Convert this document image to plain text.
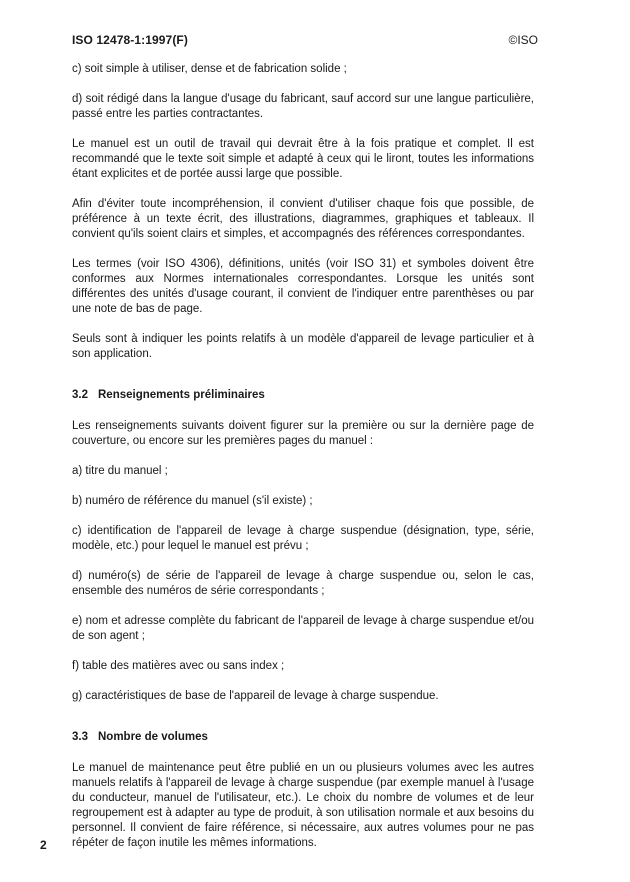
ISO 12478-1:1997(F)	©ISO

c) soit simple à utiliser, dense et de fabrication solide ;

d) soit rédigé dans la langue d'usage du fabricant, sauf accord sur une langue particulière, passé entre les parties contractantes.

Le manuel est un outil de travail qui devrait être à la fois pratique et complet. Il est recommandé que le texte soit simple et adapté à ceux qui le liront, toutes les informations étant explicites et de portée aussi large que possible.

Afin d'éviter toute incompréhension, il convient d'utiliser chaque fois que possible, de préférence à un texte écrit, des illustrations, diagrammes, graphiques et tableaux. Il convient qu'ils soient clairs et simples, et accompagnés des références correspondantes.

Les termes (voir ISO 4306), définitions, unités (voir ISO 31) et symboles doivent être conformes aux Normes internationales correspondantes. Lorsque les unités sont différentes des unités d'usage courant, il convient de l'indiquer entre parenthèses ou par une note de bas de page.

Seuls sont à indiquer les points relatifs à un modèle d'appareil de levage particulier et à son application.

3.2 Renseignements préliminaires

Les renseignements suivants doivent figurer sur la première ou sur la dernière page de couverture, ou encore sur les premières pages du manuel :

a) titre du manuel ;

b) numéro de référence du manuel (s'il existe) ;

c) identification de l'appareil de levage à charge suspendue (désignation, type, série, modèle, etc.) pour lequel le manuel est prévu ;

d) numéro(s) de série de l'appareil de levage à charge suspendue ou, selon le cas, ensemble des numéros de série correspondants ;

e) nom et adresse complète du fabricant de l'appareil de levage à charge suspendue et/ou de son agent ;

f) table des matières avec ou sans index ;

g) caractéristiques de base de l'appareil de levage à charge suspendue.

3.3 Nombre de volumes

Le manuel de maintenance peut être publié en un ou plusieurs volumes avec les autres manuels relatifs à l'appareil de levage à charge suspendue (par exemple manuel à l'usage du conducteur, manuel de l'utilisateur, etc.). Le choix du nombre de volumes et de leur regroupement est à adapter au type de produit, à son utilisation normale et aux besoins du personnel. Il convient de faire référence, si nécessaire, aux autres volumes pour ne pas répéter de façon inutile les mêmes informations.

2
